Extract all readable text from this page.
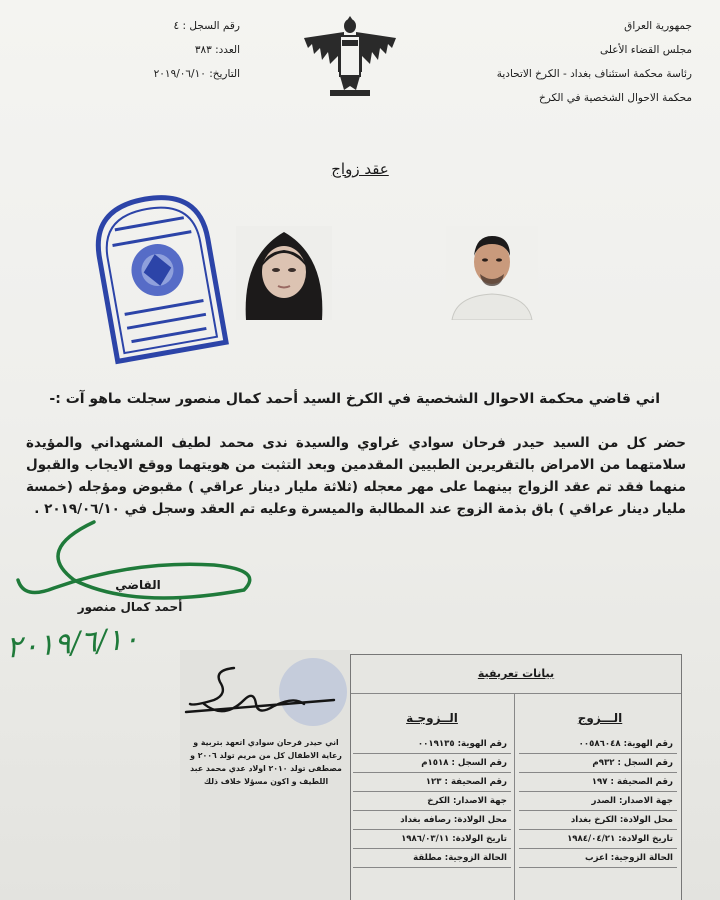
جمهورية العراق
مجلس القضاء الأعلى
رئاسة محكمة استئناف بغداد - الكرخ الاتحادية
محكمة الاحوال الشخصية في الكرخ
رقم السجل : ٤
العدد: ٣٨٣
التاريخ: ٢٠١٩/٠٦/١٠
عقد زواج
اني قاضي محكمة الاحوال الشخصية في الكرخ السيد أحمد كمال منصور سجلت ماهو آت :-
حضر كل من السيد حيدر فرحان سوادي غراوي والسيدة ندى محمد لطيف المشهداني والمؤيدة سلامتهما من الامراض بالتقريرين الطبيين المقدمين وبعد التثبت من هويتهما ووقع الايجاب والقبول منهما فقد تم عقد الزواج بينهما على مهر معجله (ثلاثة مليار دينار عراقي ) مقبوض ومؤجله (خمسة مليار دينار عراقي ) باق بذمة الزوج عند المطالبة والميسرة وعليه تم العقد وسجل في ٢٠١٩/٠٦/١٠ .
القاضي
أحمد كمال منصور
٢٠١٩/٦/١٠
اني حيدر فرحان سوادي اتعهد بتربية و رعاية الاطفال كل من مريم تولد ٢٠٠٦ و مصطفى تولد ٢٠١٠ اولاد عدي محمد عبد اللطيف و اكون مسؤلا خلاف ذلك
بيانات تعريفية
الـــزوج
الــزوجـة
رقم الهوية: ٠٠٥٨٦٠٤٨
رقم السجل : ٩٣٢م
رقم الصحيفة : ١٩٧
جهة الاصدار: الصدر
محل الولادة: الكرخ بغداد
تاريخ الولادة: ١٩٨٤/٠٤/٢١
الحالة الزوجية: اعزب
رقم الهوية: ٠٠١٩١٣٥
رقم السجل : ١٥١٨م
رقم الصحيفة : ١٢٣
جهة الاصدار: الكرخ
محل الولادة: رصافه بغداد
تاريخ الولادة: ١٩٨٦/٠٣/١١
الحالة الزوجية: مطلقة
